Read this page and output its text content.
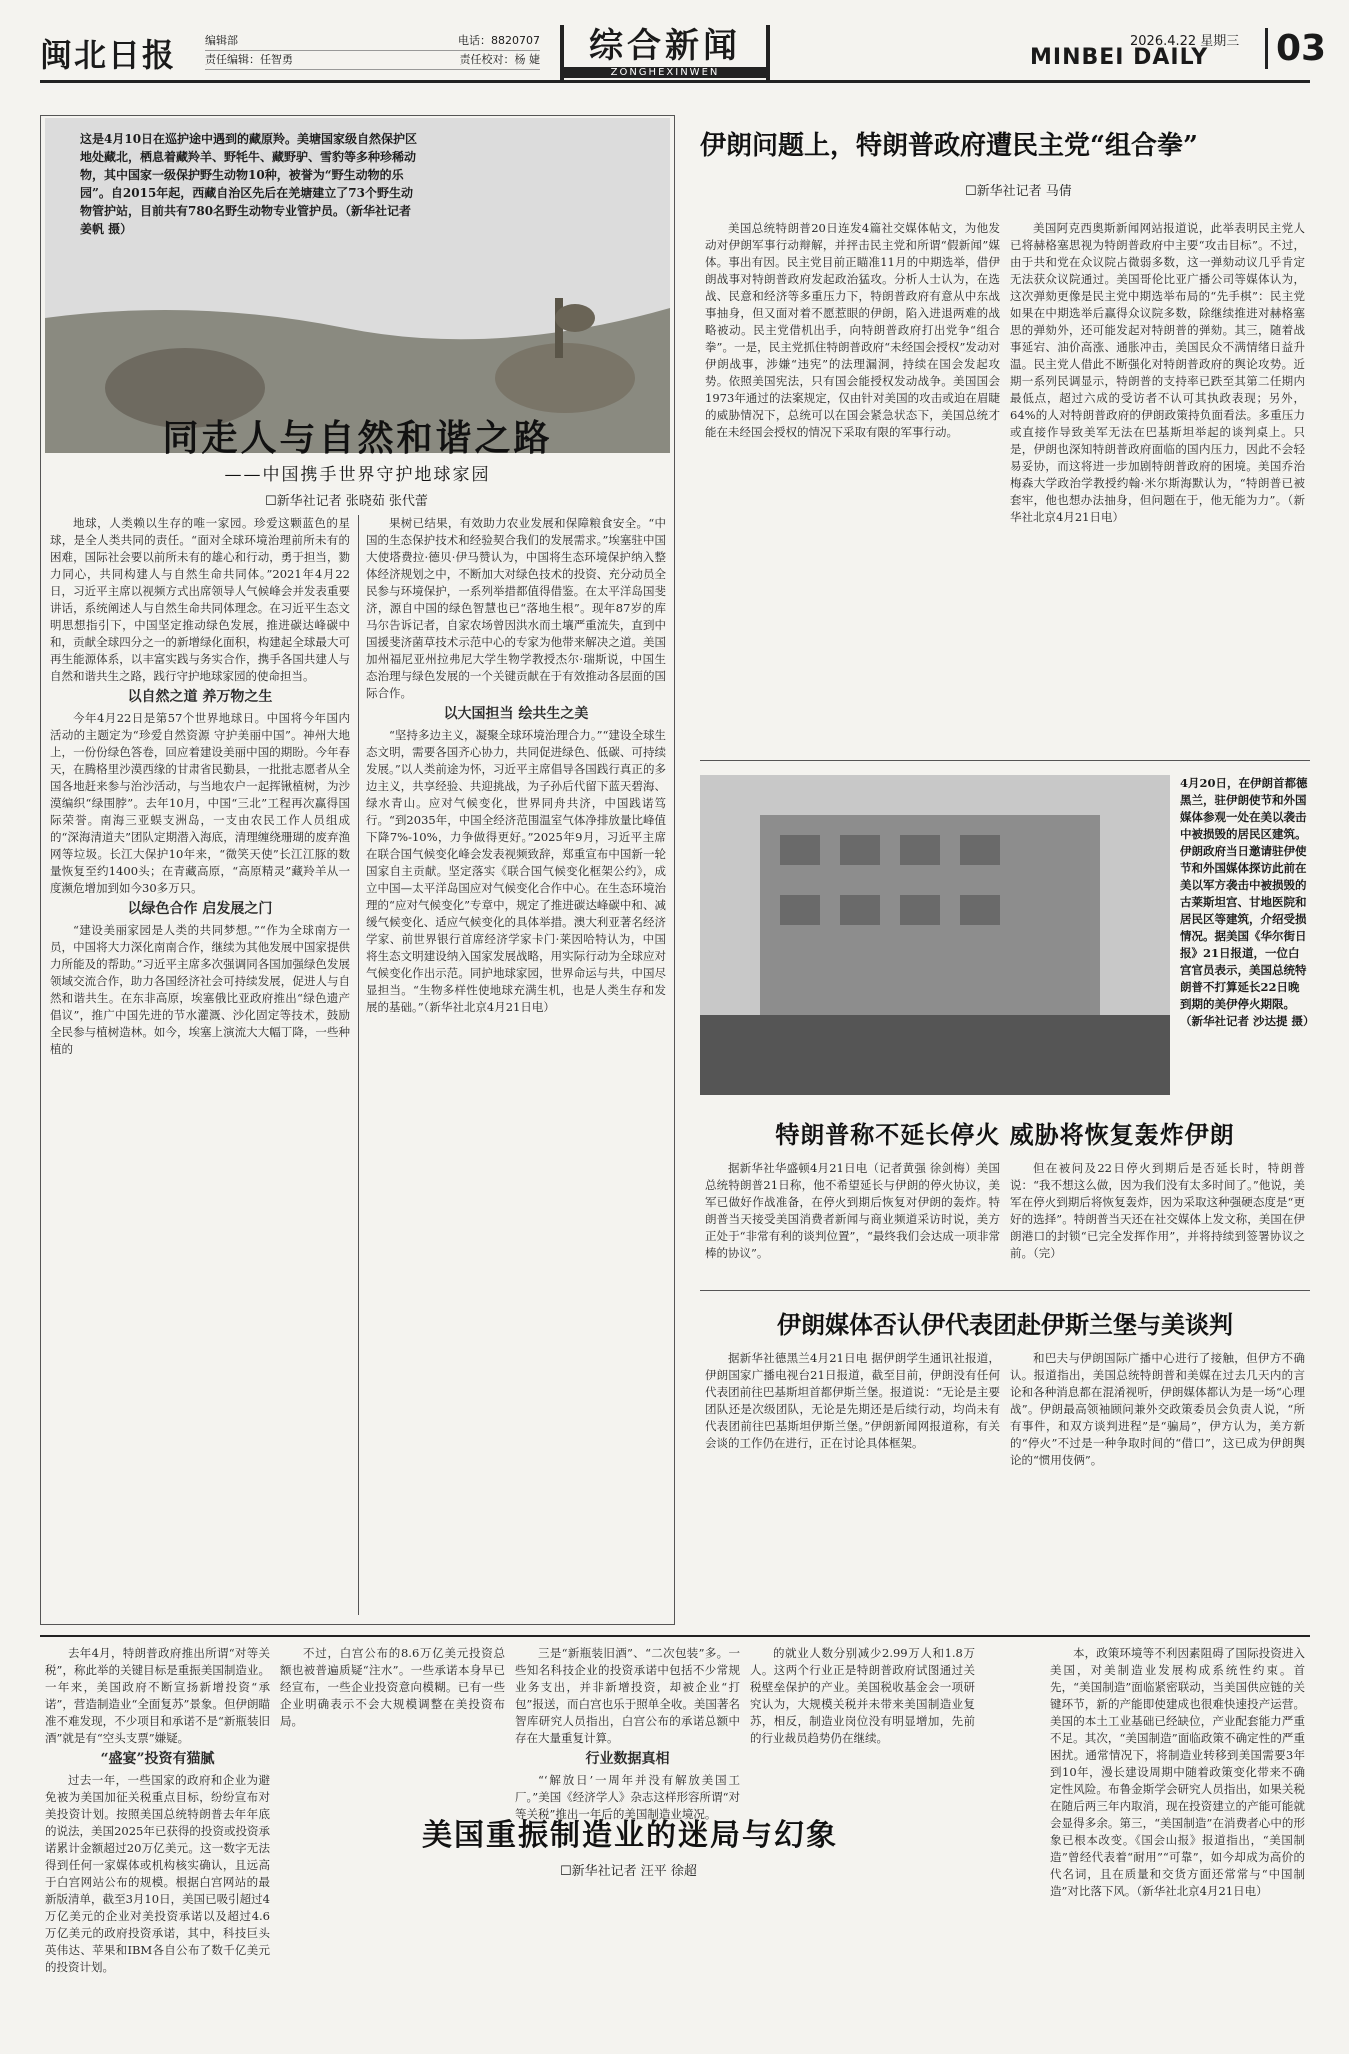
闽北日报	编辑部	电话：8820707
责任编辑：任智勇	责任校对：杨 婕	综合新闻
ZONGHEXINWEN
2026.4.22 星期三
MINBEI DAILY	03
这是4月10日在巡护途中遇到的藏原羚。美塘国家级自然保护区地处藏北，栖息着藏羚羊、野牦牛、藏野驴、雪豹等多种珍稀动物，其中国家一级保护野生动物10种，被誉为“野生动物的乐园”。自2015年起，西藏自治区先后在羌塘建立了73个野生动物管护站，目前共有780名野生动物专业管护员。（新华社记者 姜帆 摄）
同走人与自然和谐之路
——中国携手世界守护地球家园
☐新华社记者 张晓茹 张代蕾

地球，人类赖以生存的唯一家园。珍爱这颗蓝色的星球，是全人类共同的责任。“面对全球环境治理前所未有的困难，国际社会要以前所未有的雄心和行动，勇于担当，勠力同心，共同构建人与自然生命共同体。”2021年4月22日，习近平主席以视频方式出席领导人气候峰会并发表重要讲话，系统阐述人与自然生命共同体理念。在习近平生态文明思想指引下，中国坚定推动绿色发展，推进碳达峰碳中和，贡献全球四分之一的新增绿化面积，构建起全球最大可再生能源体系，以丰富实践与务实合作，携手各国共建人与自然和谐共生之路，践行守护地球家园的使命担当。

以自然之道 养万物之生

今年4月22日是第57个世界地球日。中国将今年国内活动的主题定为“珍爱自然资源 守护美丽中国”。神州大地上，一份份绿色答卷，回应着建设美丽中国的期盼。今年春天，在腾格里沙漠西缘的甘肃省民勤县，一批批志愿者从全国各地赶来参与治沙活动，与当地农户一起挥锹植树，为沙漠编织“绿围脖”。去年10月，中国“三北”工程再次赢得国际荣誉。南海三亚蜈支洲岛，一支由农民工作人员组成的“深海清道夫”团队定期潜入海底，清理缠绕珊瑚的废弃渔网等垃圾。长江大保护10年来，“微笑天使”长江江豚的数量恢复至约1400头；在青藏高原，“高原精灵”藏羚羊从一度濒危增加到如今30多万只。

以绿色合作 启发展之门

“建设美丽家园是人类的共同梦想。”“作为全球南方一员，中国将大力深化南南合作，继续为其他发展中国家提供力所能及的帮助。”习近平主席多次强调同各国加强绿色发展领域交流合作，助力各国经济社会可持续发展，促进人与自然和谐共生。在东非高原，埃塞俄比亚政府推出“绿色遗产倡议”，推广中国先进的节水灌溉、沙化固定等技术，鼓励全民参与植树造林。如今，埃塞上演流大大幅丁降，一些种植的

果树已结果，有效助力农业发展和保障粮食安全。“中国的生态保护技术和经验契合我们的发展需求。”埃塞驻中国大使塔费拉·德贝·伊马赞认为，中国将生态环境保护纳入整体经济规划之中，不断加大对绿色技术的投资、充分动员全民参与环境保护，一系列举措都值得借鉴。在太平洋岛国斐济，源自中国的绿色智慧也已“落地生根”。现年87岁的库马尔告诉记者，自家农场曾因洪水而土壤严重流失，直到中国援斐济菌草技术示范中心的专家为他带来解决之道。美国加州福尼亚州拉弗尼大学生物学教授杰尔·瑞斯说，中国生态治理与绿色发展的一个关键贡献在于有效推动各层面的国际合作。

以大国担当 绘共生之美

“坚持多边主义，凝聚全球环境治理合力。”“建设全球生态文明，需要各国齐心协力，共同促进绿色、低碳、可持续发展。”以人类前途为怀，习近平主席倡导各国践行真正的多边主义，共享经验、共迎挑战，为子孙后代留下蓝天碧海、绿水青山。应对气候变化，世界同舟共济，中国践诺笃行。“到2035年，中国全经济范围温室气体净排放量比峰值下降7%-10%，力争做得更好。”2025年9月，习近平主席在联合国气候变化峰会发表视频致辞，郑重宣布中国新一轮国家自主贡献。坚定落实《联合国气候变化框架公约》，成立中国—太平洋岛国应对气候变化合作中心。在生态环境治理的“应对气候变化”专章中，规定了推进碳达峰碳中和、减缓气候变化、适应气候变化的具体举措。澳大利亚著名经济学家、前世界银行首席经济学家卡门·莱因哈特认为，中国将生态文明建设纳入国家发展战略，用实际行动为全球应对气候变化作出示范。同护地球家园，世界命运与共，中国尽显担当。“生物多样性使地球充满生机，也是人类生存和发展的基础。”（新华社北京4月21日电）

伊朗问题上，特朗普政府遭民主党“组合拳”
☐新华社记者 马倩

美国总统特朗普20日连发4篇社交媒体帖文，为他发动对伊朗军事行动辩解，并抨击民主党和所谓“假新闻”媒体。事出有因。民主党目前正瞄准11月的中期选举，借伊朗战事对特朗普政府发起政治猛攻。分析人士认为，在选战、民意和经济等多重压力下，特朗普政府有意从中东战事抽身，但又面对着不愿惹眼的伊朗，陷入进退两难的战略被动。民主党借机出手，向特朗普政府打出党争“组合拳”。一是，民主党抓住特朗普政府“未经国会授权”发动对伊朗战事，涉嫌“违宪”的法理漏洞，持续在国会发起攻势。依照美国宪法，只有国会能授权发动战争。美国国会1973年通过的法案规定，仅由针对美国的攻击或迫在眉睫的威胁情况下，总统可以在国会紧急状态下，美国总统才能在未经国会授权的情况下采取有限的军事行动。

美国阿克西奥斯新闻网站报道说，此举表明民主党人已将赫格塞思视为特朗普政府中主要“攻击目标”。不过，由于共和党在众议院占微弱多数，这一弹劾动议几乎肯定无法获众议院通过。美国哥伦比亚广播公司等媒体认为，这次弹劾更像是民主党中期选举布局的“先手棋”：民主党如果在中期选举后赢得众议院多数，除继续推进对赫格塞思的弹劾外，还可能发起对特朗普的弹劾。其三，随着战事延宕、油价高涨、通胀冲击，美国民众不满情绪日益升温。民主党人借此不断强化对特朗普政府的舆论攻势。近期一系列民调显示，特朗普的支持率已跌至其第二任期内最低点，超过六成的受访者不认可其执政表现；另外，64%的人对特朗普政府的伊朗政策持负面看法。多重压力或直接作导致美军无法在巴基斯坦举起的谈判桌上。只是，伊朗也深知特朗普政府面临的国内压力，因此不会轻易妥协，而这将进一步加剧特朗普政府的困境。美国乔治梅森大学政治学教授约翰·米尔斯海默认为，“特朗普已被套牢，他也想办法抽身，但问题在于，他无能为力”。（新华社北京4月21日电）

4月20日，在伊朗首都德黑兰，驻伊朗使节和外国媒体参观一处在美以袭击中被损毁的居民区建筑。伊朗政府当日邀请驻伊使节和外国媒体探访此前在美以军方袭击中被损毁的古莱斯坦宫、甘地医院和居民区等建筑，介绍受损情况。据美国《华尔街日报》21日报道，一位白宫官员表示，美国总统特朗普不打算延长22日晚到期的美伊停火期限。（新华社记者 沙达提 摄）
特朗普称不延长停火 威胁将恢复轰炸伊朗

据新华社华盛顿4月21日电（记者黄强 徐剑梅）美国总统特朗普21日称，他不希望延长与伊朗的停火协议，美军已做好作战准备，在停火到期后恢复对伊朗的轰炸。特朗普当天接受美国消费者新闻与商业频道采访时说，美方正处于“非常有利的谈判位置”，“最终我们会达成一项非常棒的协议”。

但在被问及22日停火到期后是否延长时，特朗普说：“我不想这么做，因为我们没有太多时间了。”他说，美军在停火到期后将恢复轰炸，因为采取这种强硬态度是“更好的选择”。特朗普当天还在社交媒体上发文称，美国在伊朗港口的封锁“已完全发挥作用”，并将持续到签署协议之前。（完）

伊朗媒体否认伊代表团赴伊斯兰堡与美谈判

据新华社德黑兰4月21日电 据伊朗学生通讯社报道，伊朗国家广播电视台21日报道，截至目前，伊朗没有任何代表团前往巴基斯坦首都伊斯兰堡。报道说：“无论是主要团队还是次级团队，无论是先期还是后续行动，均尚未有代表团前往巴基斯坦伊斯兰堡。”伊朗新闻网报道称，有关会谈的工作仍在进行，正在讨论具体框架。

和巴夫与伊朗国际广播中心进行了接触，但伊方不确认。报道指出，美国总统特朗普和美媒在过去几天内的言论和各种消息都在混淆视听，伊朗媒体都认为是一场“心理战”。伊朗最高领袖顾问兼外交政策委员会负责人说，“所有事件，和双方谈判进程”是“骗局”，伊方认为，美方新的“停火”不过是一种争取时间的“借口”，这已成为伊朗舆论的“惯用伎俩”。

去年4月，特朗普政府推出所谓“对等关税”，称此举的关键目标是重振美国制造业。一年来，美国政府不断宣扬新增投资“承诺”，营造制造业“全面复苏”景象。但伊朗瞄准不难发现，不少项目和承诺不是“新瓶装旧酒”就是有“空头支票”嫌疑。

“盛宴”投资有猫腻

过去一年，一些国家的政府和企业为避免被为美国加征关税重点目标，纷纷宣布对美投资计划。按照美国总统特朗普去年年底的说法，美国2025年已获得的投资或投资承诺累计金额超过20万亿美元。这一数字无法得到任何一家媒体或机构核实确认，且远高于白宫网站公布的规模。根据白宫网站的最新版清单，截至3月10日，美国已吸引超过4万亿美元的企业对美投资承诺以及超过4.6万亿美元的政府投资承诺，其中，科技巨头英伟达、苹果和IBM各自公布了数千亿美元的投资计划。

不过，白宫公布的8.6万亿美元投资总额也被普遍质疑“注水”。一些承诺本身早已经宣布，一些企业投资意向模糊。已有一些企业明确表示不会大规模调整在美投资布局。

三是“新瓶装旧酒”、“二次包装”多。一些知名科技企业的投资承诺中包括不少常规业务支出，并非新增投资，却被企业“打包”报送，而白宫也乐于照单全收。美国著名智库研究人员指出，白宫公布的承诺总额中存在大量重复计算。

行业数据真相

“‘解放日’一周年并没有解放美国工厂。”美国《经济学人》杂志这样形容所谓“对等关税”推出一年后的美国制造业境况。

的就业人数分别减少2.99万人和1.8万人。这两个行业正是特朗普政府试图通过关税壁垒保护的产业。美国税收基金会一项研究认为，大规模关税并未带来美国制造业复苏，相反，制造业岗位没有明显增加，先前的行业裁员趋势仍在继续。

美国重振制造业的迷局与幻象
☐新华社记者 汪平 徐超

本，政策环境等不利因素阻碍了国际投资进入美国，对美制造业发展构成系统性约束。首先，“美国制造”面临紧密联动，当美国供应链的关键环节，新的产能即使建成也很难快速投产运营。美国的本土工业基础已经缺位，产业配套能力严重不足。其次，“美国制造”面临政策不确定性的严重困扰。通常情况下，将制造业转移到美国需要3年到10年，漫长建设周期中随着政策变化带来不确定性风险。布鲁金斯学会研究人员指出，如果关税在随后两三年内取消，现在投资建立的产能可能就会显得多余。第三，“美国制造”在消费者心中的形象已根本改变。《国会山报》报道指出，“美国制造”曾经代表着“耐用”“可靠”，如今却成为高价的代名词，且在质量和交货方面还常常与“中国制造”对比落下风。（新华社北京4月21日电）
